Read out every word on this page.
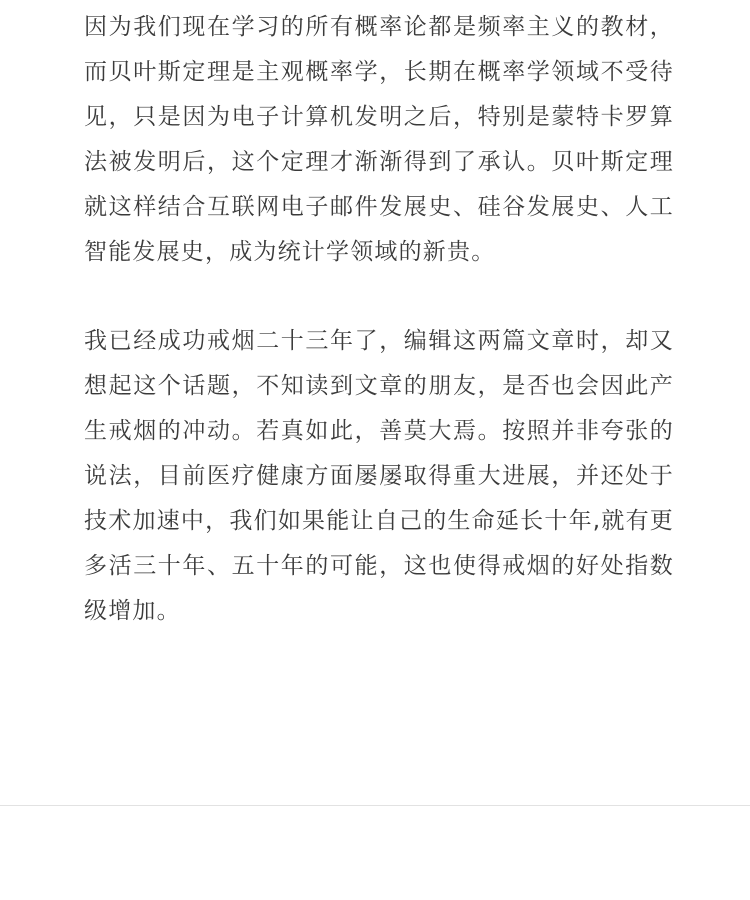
因为我们现在学习的所有概率论都是频率主义的教材，而贝叶斯定理是主观概率学，长期在概率学领域不受待见，只是因为电子计算机发明之后，特别是蒙特卡罗算法被发明后，这个定理才渐渐得到了承认。贝叶斯定理就这样结合互联网电子邮件发展史、硅谷发展史、人工智能发展史，成为统计学领域的新贵。

我已经成功戒烟二十三年了，编辑这两篇文章时，却又想起这个话题，不知读到文章的朋友，是否也会因此产生戒烟的冲动。若真如此，善莫大焉。按照并非夸张的说法，目前医疗健康方面屡屡取得重大进展，并还处于技术加速中，我们如果能让自己的生命延长十年,就有更多活三十年、五十年的可能，这也使得戒烟的好处指数级增加。
